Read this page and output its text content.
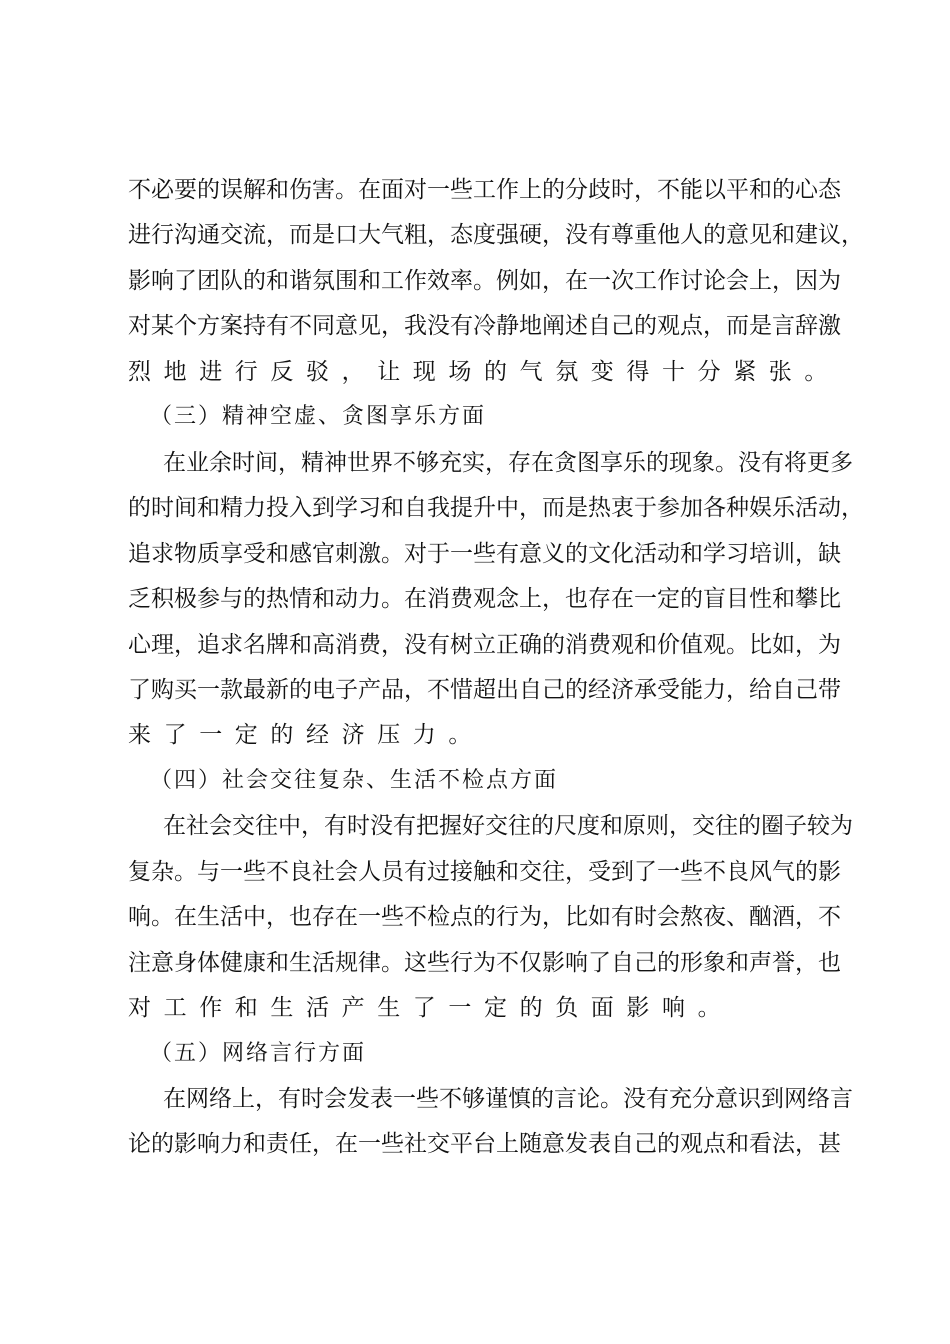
不必要的误解和伤害。在面对一些工作上的分歧时，不能以平和的心态
进行沟通交流，而是口大气粗，态度强硬，没有尊重他人的意见和建议，
影响了团队的和谐氛围和工作效率。例如，在一次工作讨论会上，因为
对某个方案持有不同意见，我没有冷静地阐述自己的观点，而是言辞激
烈地进行反驳，让现场的气氛变得十分紧张。
（三）精神空虚、贪图享乐方面
在业余时间，精神世界不够充实，存在贪图享乐的现象。没有将更多
的时间和精力投入到学习和自我提升中，而是热衷于参加各种娱乐活动，
追求物质享受和感官刺激。对于一些有意义的文化活动和学习培训，缺
乏积极参与的热情和动力。在消费观念上，也存在一定的盲目性和攀比
心理，追求名牌和高消费，没有树立正确的消费观和价值观。比如，为
了购买一款最新的电子产品，不惜超出自己的经济承受能力，给自己带
来了一定的经济压力。
（四）社会交往复杂、生活不检点方面
在社会交往中，有时没有把握好交往的尺度和原则，交往的圈子较为
复杂。与一些不良社会人员有过接触和交往，受到了一些不良风气的影
响。在生活中，也存在一些不检点的行为，比如有时会熬夜、酗酒，不
注意身体健康和生活规律。这些行为不仅影响了自己的形象和声誉，也
对工作和生活产生了一定的负面影响。
（五）网络言行方面
在网络上，有时会发表一些不够谨慎的言论。没有充分意识到网络言
论的影响力和责任，在一些社交平台上随意发表自己的观点和看法，甚
